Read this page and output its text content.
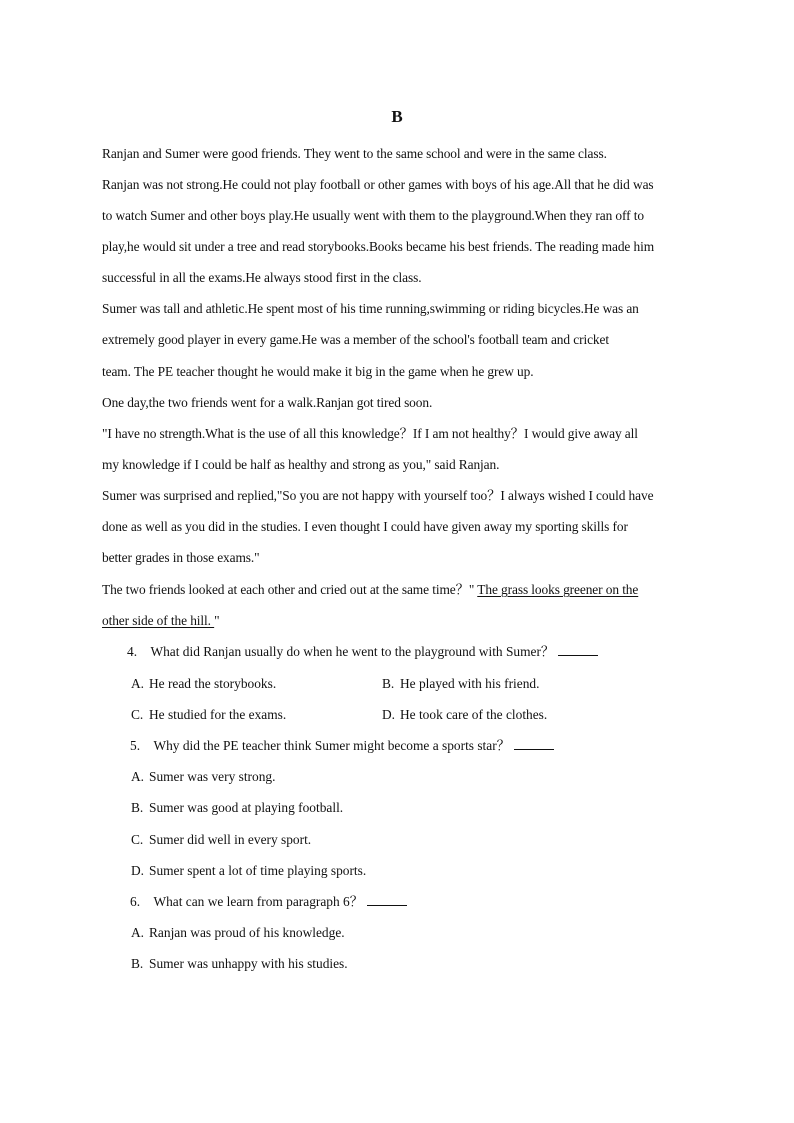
B
Ranjan and Sumer were good friends. They went to the same school and were in the same class.
Ranjan was not strong.He could not play football or other games with boys of his age.All that he did was
to watch Sumer and other boys play.He usually went with them to the playground.When they ran off to
play,he would sit under a tree and read storybooks.Books became his best friends. The reading made him
successful in all the exams.He always stood first in the class.
Sumer was tall and athletic.He spent most of his time running,swimming or riding bicycles.He was an
extremely good player in every game.He was a member of the school's football team and cricket
team. The PE teacher thought he would make it big in the game when he grew up.
One day,the two friends went for a walk.Ranjan got tired soon.
"I have no strength.What is the use of all this knowledge？If I am not healthy？I would give away all
my knowledge if I could be half as healthy and strong as you," said Ranjan.
Sumer was surprised and replied,"So you are not happy with yourself too？I always wished I could have
done as well as you did in the studies. I even thought I could have given away my sporting skills for
better grades in those exams."
The two friends looked at each other and cried out at the same time？" The grass looks greener on the
other side of the hill. "
4. What did Ranjan usually do when he went to the playground with Sumer？
A. He read the storybooks.	B. He played with his friend.
C. He studied for the exams.	D. He took care of the clothes.
5. Why did the PE teacher think Sumer might become a sports star？
A. Sumer was very strong.
B. Sumer was good at playing football.
C. Sumer did well in every sport.
D. Sumer spent a lot of time playing sports.
6. What can we learn from paragraph 6？
A. Ranjan was proud of his knowledge.
B. Sumer was unhappy with his studies.
